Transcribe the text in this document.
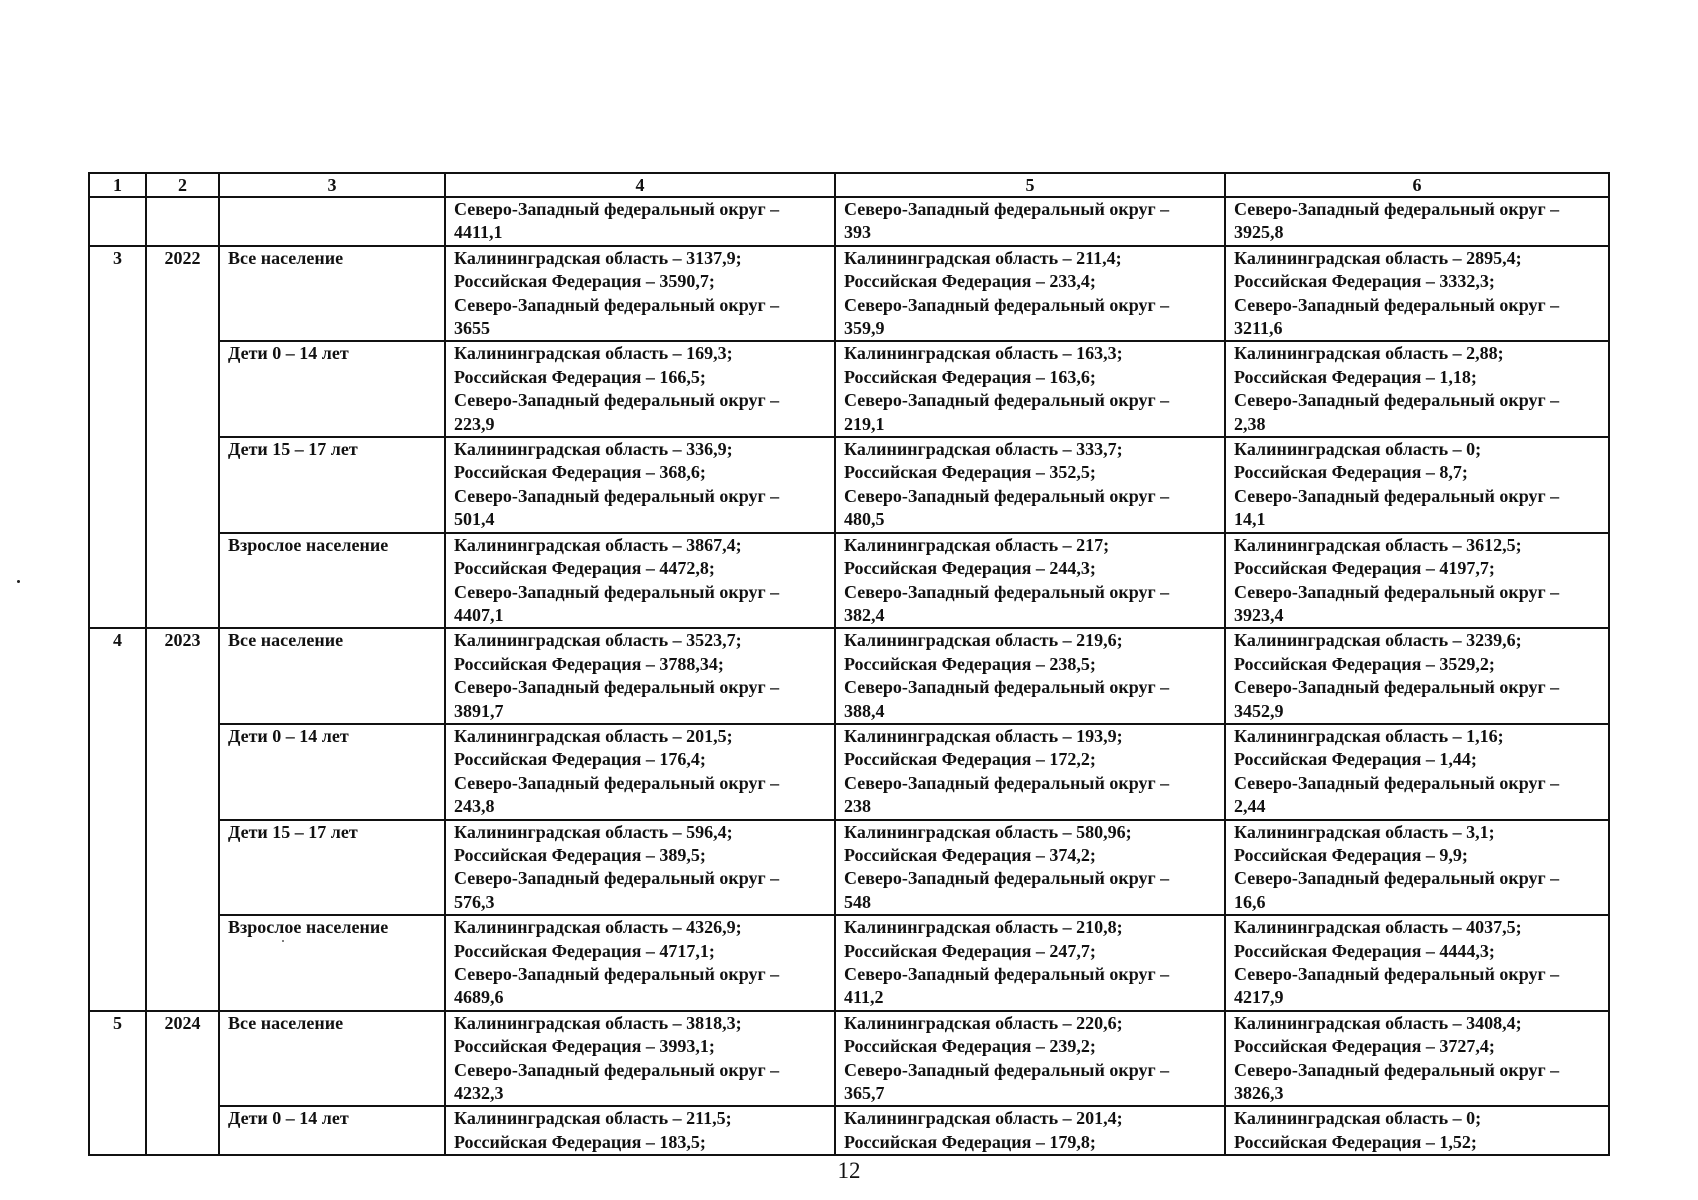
1	2	3	4	5	6

			Северо-Западный федеральный округ –
4411,1	Северо-Западный федеральный округ –
393	Северо-Западный федеральный округ –
3925,8

3	2022	Все население	Калининградская область – 3137,9;
Российская Федерация – 3590,7;
Северо-Западный федеральный округ –
3655	Калининградская область – 211,4;
Российская Федерация – 233,4;
Северо-Западный федеральный округ –
359,9	Калининградская область – 2895,4;
Российская Федерация – 3332,3;
Северо-Западный федеральный округ –
3211,6

		Дети 0 – 14 лет	Калининградская область – 169,3;
Российская Федерация – 166,5;
Северо-Западный федеральный округ –
223,9	Калининградская область – 163,3;
Российская Федерация – 163,6;
Северо-Западный федеральный округ –
219,1	Калининградская область – 2,88;
Российская Федерация – 1,18;
Северо-Западный федеральный округ –
2,38

		Дети 15 – 17 лет	Калининградская область – 336,9;
Российская Федерация – 368,6;
Северо-Западный федеральный округ –
501,4	Калининградская область – 333,7;
Российская Федерация – 352,5;
Северо-Западный федеральный округ –
480,5	Калининградская область – 0;
Российская Федерация – 8,7;
Северо-Западный федеральный округ –
14,1

		Взрослое население	Калининградская область – 3867,4;
Российская Федерация – 4472,8;
Северо-Западный федеральный округ –
4407,1	Калининградская область – 217;
Российская Федерация – 244,3;
Северо-Западный федеральный округ –
382,4	Калининградская область – 3612,5;
Российская Федерация – 4197,7;
Северо-Западный федеральный округ –
3923,4

4	2023	Все население	Калининградская область – 3523,7;
Российская Федерация – 3788,34;
Северо-Западный федеральный округ –
3891,7	Калининградская область – 219,6;
Российская Федерация – 238,5;
Северо-Западный федеральный округ –
388,4	Калининградская область – 3239,6;
Российская Федерация – 3529,2;
Северо-Западный федеральный округ –
3452,9

		Дети 0 – 14 лет	Калининградская область – 201,5;
Российская Федерация – 176,4;
Северо-Западный федеральный округ –
243,8	Калининградская область – 193,9;
Российская Федерация – 172,2;
Северо-Западный федеральный округ –
238	Калининградская область – 1,16;
Российская Федерация – 1,44;
Северо-Западный федеральный округ –
2,44

		Дети 15 – 17 лет	Калининградская область – 596,4;
Российская Федерация – 389,5;
Северо-Западный федеральный округ –
576,3	Калининградская область – 580,96;
Российская Федерация – 374,2;
Северо-Западный федеральный округ –
548	Калининградская область – 3,1;
Российская Федерация – 9,9;
Северо-Западный федеральный округ –
16,6

		Взрослое население	Калининградская область – 4326,9;
Российская Федерация – 4717,1;
Северо-Западный федеральный округ –
4689,6	Калининградская область – 210,8;
Российская Федерация – 247,7;
Северо-Западный федеральный округ –
411,2	Калининградская область – 4037,5;
Российская Федерация – 4444,3;
Северо-Западный федеральный округ –
4217,9

5	2024	Все население	Калининградская область – 3818,3;
Российская Федерация – 3993,1;
Северо-Западный федеральный округ –
4232,3	Калининградская область – 220,6;
Российская Федерация – 239,2;
Северо-Западный федеральный округ –
365,7	Калининградская область – 3408,4;
Российская Федерация – 3727,4;
Северо-Западный федеральный округ –
3826,3

		Дети 0 – 14 лет	Калининградская область – 211,5;
Российская Федерация – 183,5;	Калининградская область – 201,4;
Российская Федерация – 179,8;	Калининградская область – 0;
Российская Федерация – 1,52;
12
